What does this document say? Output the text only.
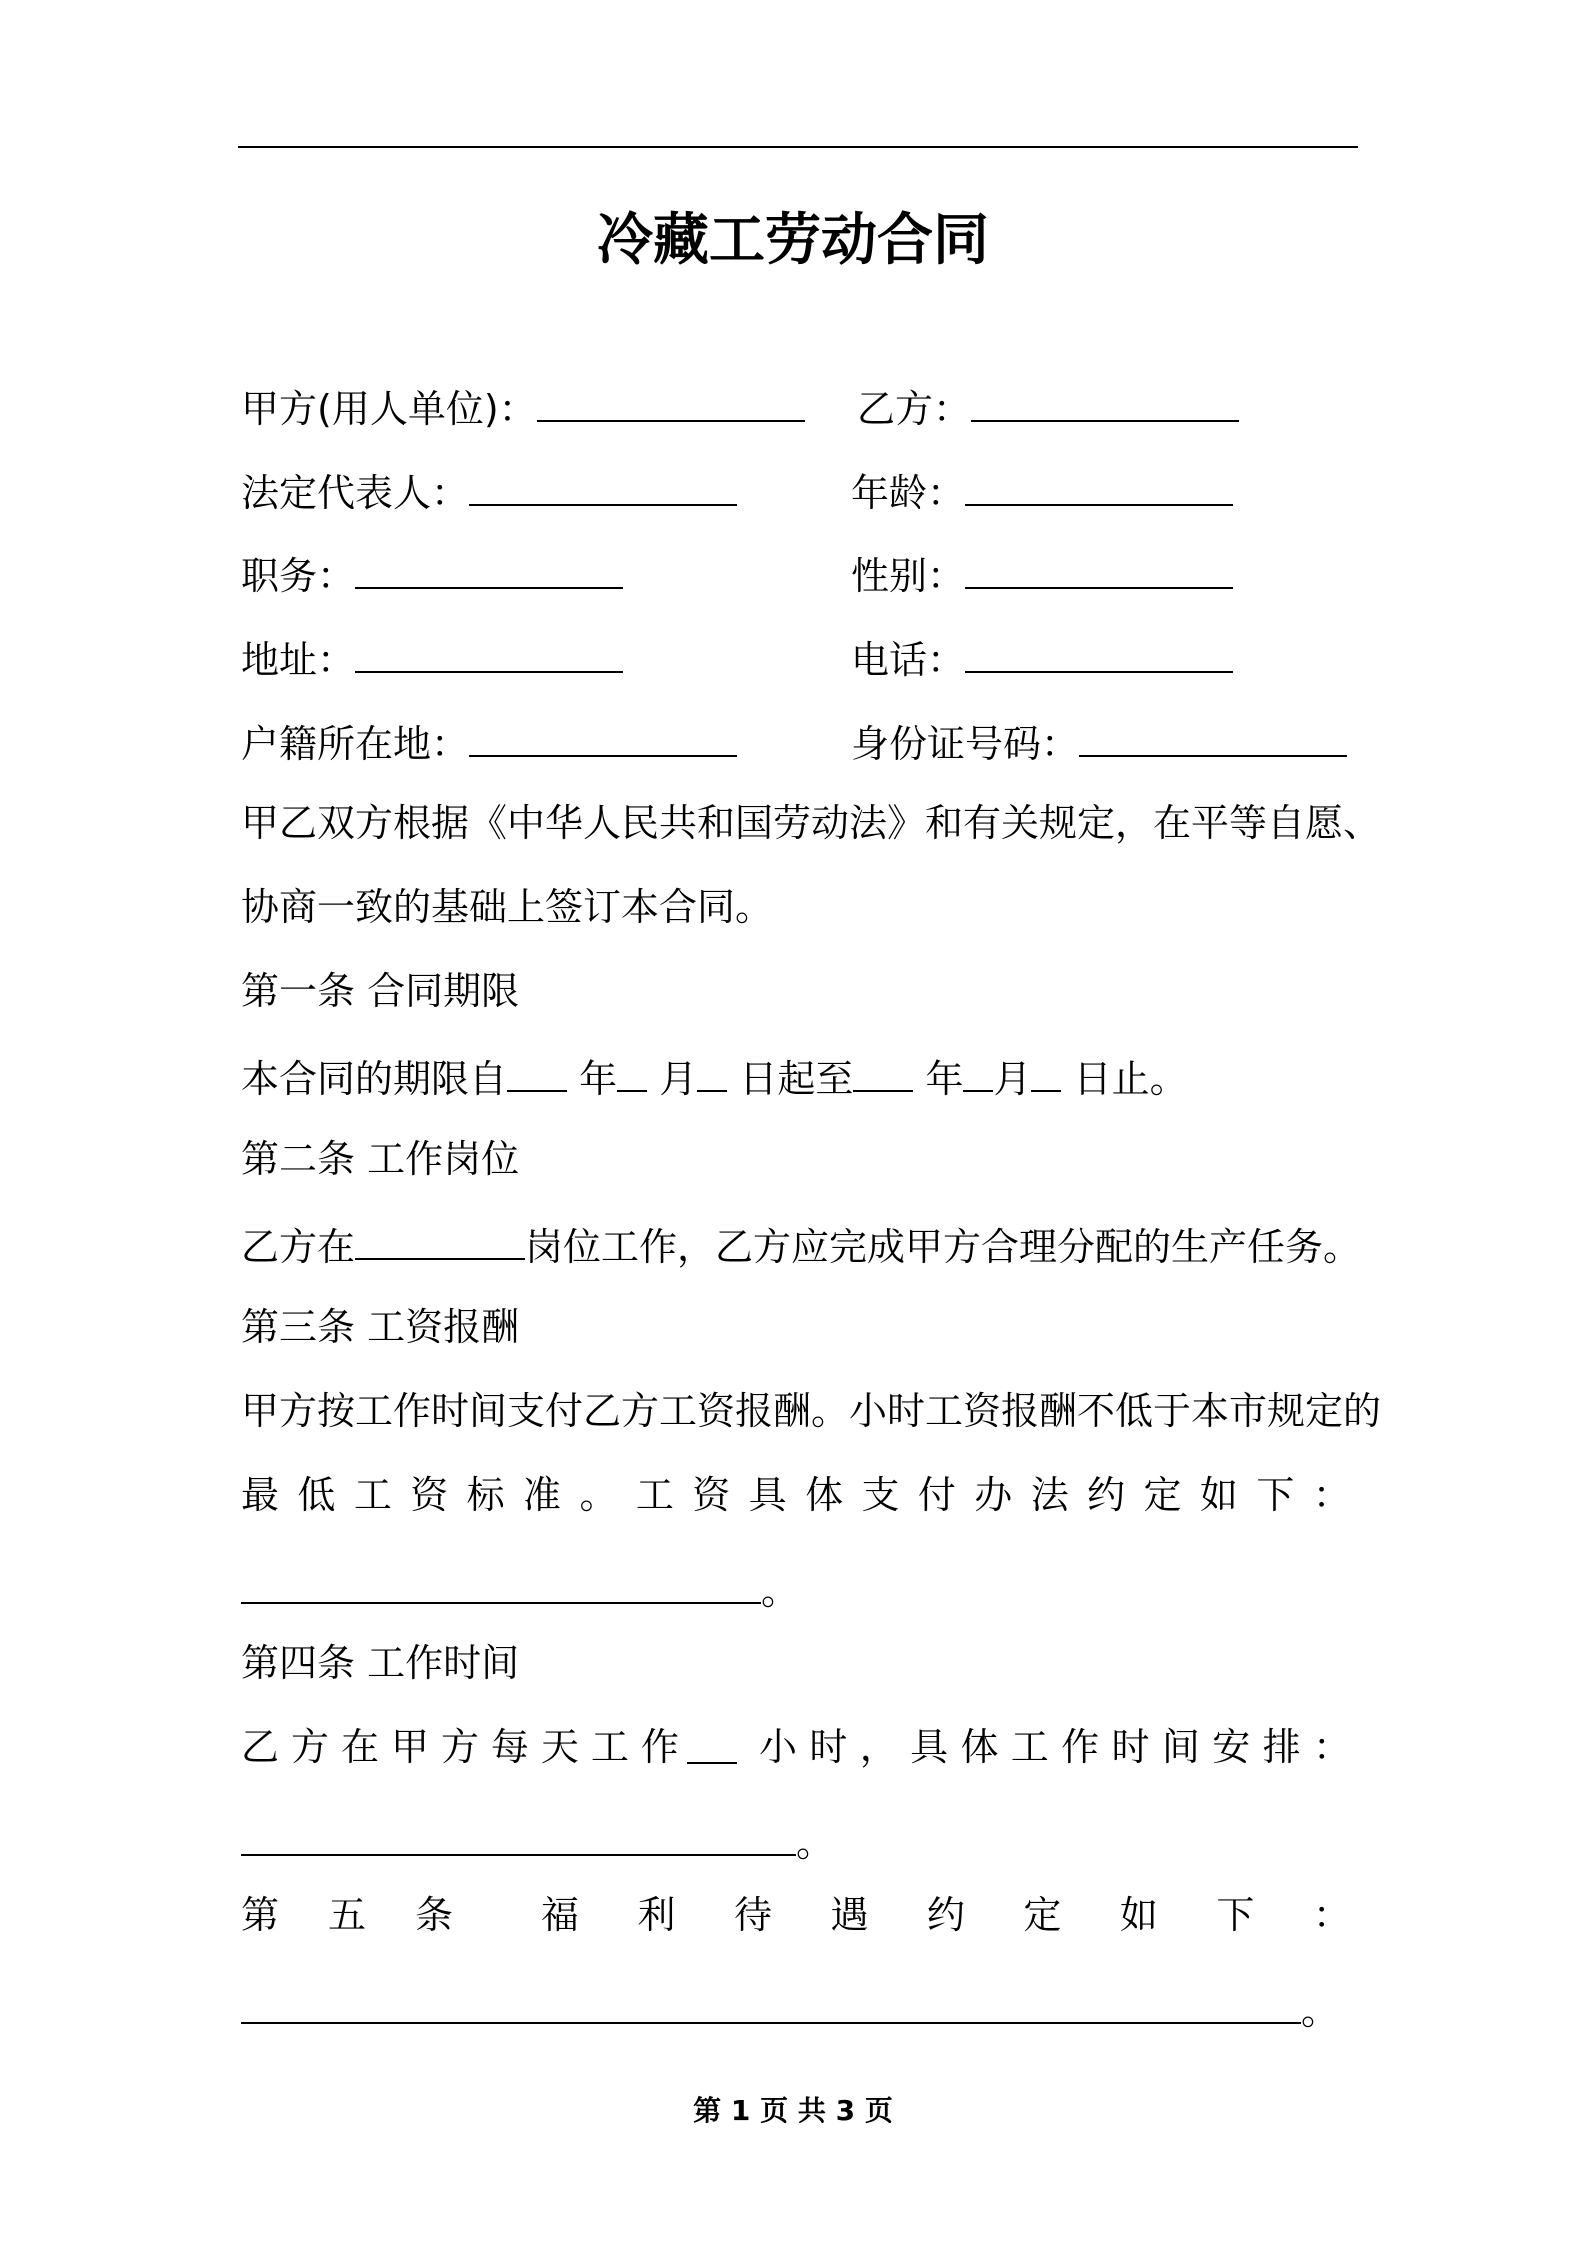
冷藏工劳动合同
甲方(用人单位)：	乙方：
法定代表人：	年龄：
职务：	性别：
地址：	电话：
户籍所在地：	身份证号码：
甲乙双方根据《中华人民共和国劳动法》和有关规定，在平等自愿、
协商一致的基础上签订本合同。
第一条 合同期限
本合同的期限自 年 月 日起至 年 月 日止。
第二条 工作岗位
乙方在	岗位工作，乙方应完成甲方合理分配的生产任务。
第三条 工资报酬
甲方按工作时间支付乙方工资报酬。小时工资报酬不低于本市规定的
最 低 工 资 标 准 。 工 资 具 体 支 付 办 法 约 定 如 下 ：
。
第四条 工作时间
乙 方 在 甲 方 每 天 工 作 小 时 ， 具 体 工 作 时 间 安 排 ：
。
第 五 条 福 利 待 遇 约 定 如 下 ：
。
第 1 页 共 3 页
